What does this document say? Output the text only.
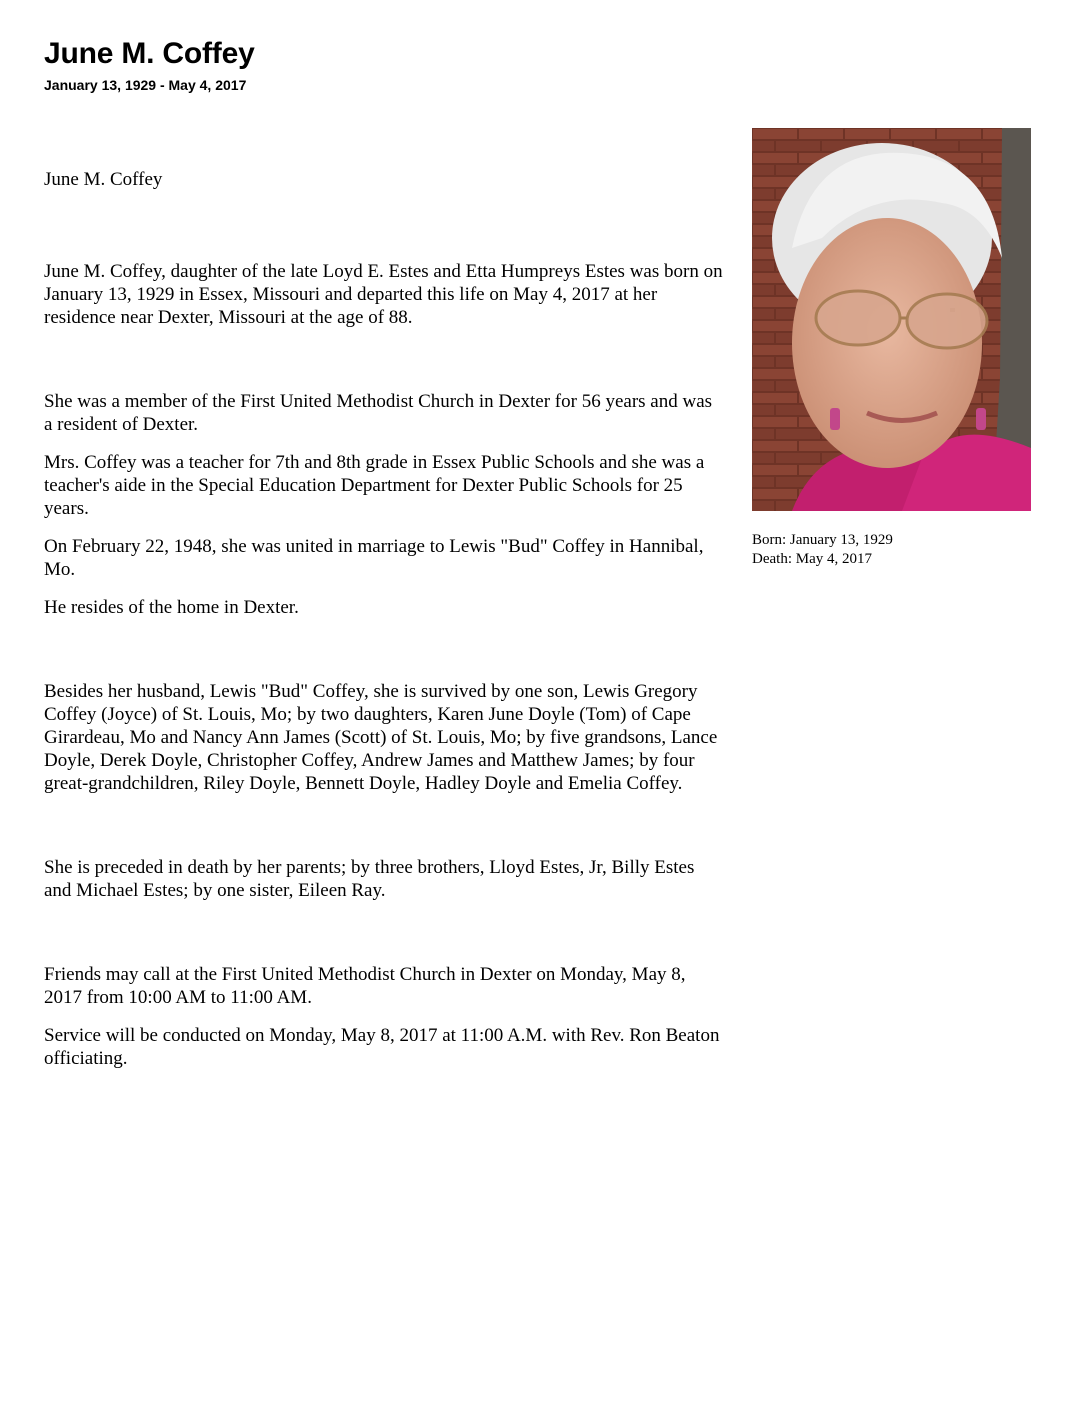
June M. Coffey
January 13, 1929 - May 4, 2017

June M. Coffey

June M. Coffey, daughter of the late Loyd E. Estes and Etta Humpreys Estes was born on January 13, 1929 in Essex, Missouri and departed this life on May 4, 2017 at her residence near Dexter, Missouri at the age of 88.

She was a member of the First United Methodist Church in Dexter for 56 years and was a resident of Dexter.

Mrs. Coffey was a teacher for 7th and 8th grade in Essex Public Schools and she was a teacher's aide in the Special Education Department for Dexter Public Schools for 25 years.

On February 22, 1948, she was united in marriage to Lewis "Bud" Coffey in Hannibal, Mo.

He resides of the home in Dexter.

Besides her husband, Lewis "Bud" Coffey, she is survived by one son, Lewis Gregory Coffey (Joyce) of St. Louis, Mo; by two daughters, Karen June Doyle (Tom) of Cape Girardeau, Mo and Nancy Ann James (Scott) of St. Louis, Mo; by five grandsons, Lance Doyle, Derek Doyle, Christopher Coffey, Andrew James and Matthew James; by four great-grandchildren, Riley Doyle, Bennett Doyle, Hadley Doyle and Emelia Coffey.

She is preceded in death by her parents; by three brothers, Lloyd Estes, Jr, Billy Estes and Michael Estes; by one sister, Eileen Ray.

Friends may call at the First United Methodist Church in Dexter on Monday, May 8, 2017 from 10:00 AM to 11:00 AM.

Service will be conducted on Monday, May 8, 2017 at 11:00 A.M. with Rev. Ron Beaton officiating.

Born: January 13, 1929
Death: May 4, 2017
